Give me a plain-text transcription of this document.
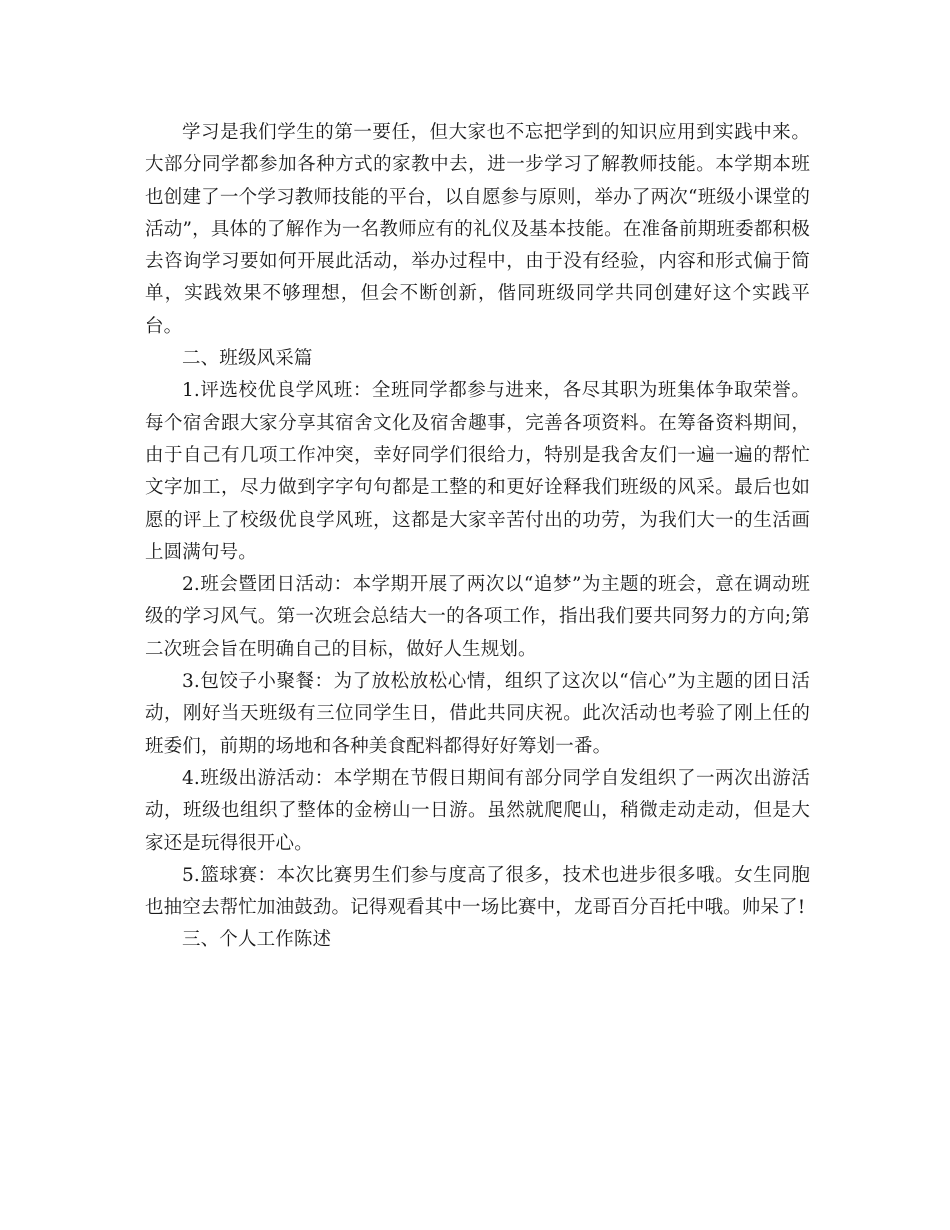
学习是我们学生的第一要任，但大家也不忘把学到的知识应用到实践中来。大部分同学都参加各种方式的家教中去，进一步学习了解教师技能。本学期本班也创建了一个学习教师技能的平台，以自愿参与原则，举办了两次“班级小课堂的活动”，具体的了解作为一名教师应有的礼仪及基本技能。在准备前期班委都积极去咨询学习要如何开展此活动，举办过程中，由于没有经验，内容和形式偏于简单，实践效果不够理想，但会不断创新，偕同班级同学共同创建好这个实践平台。

二、班级风采篇

1.评选校优良学风班：全班同学都参与进来，各尽其职为班集体争取荣誉。每个宿舍跟大家分享其宿舍文化及宿舍趣事，完善各项资料。在筹备资料期间，由于自己有几项工作冲突，幸好同学们很给力，特别是我舍友们一遍一遍的帮忙文字加工，尽力做到字字句句都是工整的和更好诠释我们班级的风采。最后也如愿的评上了校级优良学风班，这都是大家辛苦付出的功劳，为我们大一的生活画上圆满句号。

2.班会暨团日活动：本学期开展了两次以“追梦”为主题的班会，意在调动班级的学习风气。第一次班会总结大一的各项工作，指出我们要共同努力的方向;第二次班会旨在明确自己的目标，做好人生规划。

3.包饺子小聚餐：为了放松放松心情，组织了这次以“信心”为主题的团日活动，刚好当天班级有三位同学生日，借此共同庆祝。此次活动也考验了刚上任的班委们，前期的场地和各种美食配料都得好好筹划一番。

4.班级出游活动：本学期在节假日期间有部分同学自发组织了一两次出游活动，班级也组织了整体的金榜山一日游。虽然就爬爬山，稍微走动走动，但是大家还是玩得很开心。

5.篮球赛：本次比赛男生们参与度高了很多，技术也进步很多哦。女生同胞也抽空去帮忙加油鼓劲。记得观看其中一场比赛中，龙哥百分百托中哦。帅呆了!

三、个人工作陈述
